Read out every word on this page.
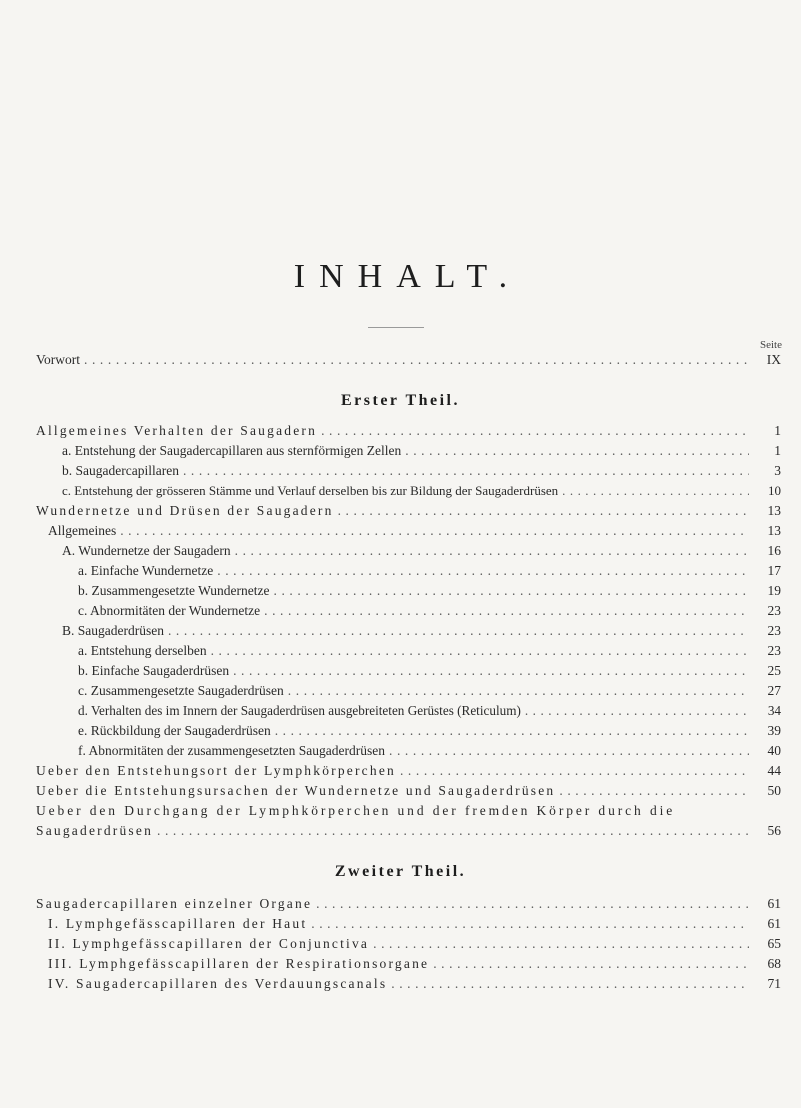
INHALT.
Seite
Vorwort . . .	IX
Erster Theil.
Allgemeines Verhalten der Saugadern . . .	1
a. Entstehung der Saugadercapillaren aus sternförmigen Zellen . . .	1
b. Saugadercapillaren . . .	3
c. Entstehung der grösseren Stämme und Verlauf derselben bis zur Bildung der Saugaderdrüsen . . .	10
Wundernetze und Drüsen der Saugadern . . .	13
Allgemeines . . .	13
A. Wundernetze der Saugadern . . .	16
a. Einfache Wundernetze . . .	17
b. Zusammengesetzte Wundernetze . . .	19
c. Abnormitäten der Wundernetze . . .	23
B. Saugaderdrüsen . . .	23
a. Entstehung derselben . . .	23
b. Einfache Saugaderdrüsen . . .	25
c. Zusammengesetzte Saugaderdrüsen . . .	27
d. Verhalten des im Innern der Saugaderdrüsen ausgebreiteten Gerüstes (Reticulum) . . .	34
e. Rückbildung der Saugaderdrüsen . . .	39
f. Abnormitäten der zusammengesetzten Saugaderdrüsen . . .	40
Ueber den Entstehungsort der Lymphkörperchen . . .	44
Ueber die Entstehungsursachen der Wundernetze und Saugaderdrüsen . . .	50
Ueber den Durchgang der Lymphkörperchen und der fremden Körper durch die
Saugaderdrüsen . . .	56
Zweiter Theil.
Saugadercapillaren einzelner Organe . . .	61
I. Lymphgefässcapillaren der Haut . . .	61
II. Lymphgefässcapillaren der Conjunctiva . . .	65
III. Lymphgefässcapillaren der Respirationsorgane . . .	68
IV. Saugadercapillaren des Verdauungscanals . . .	71
